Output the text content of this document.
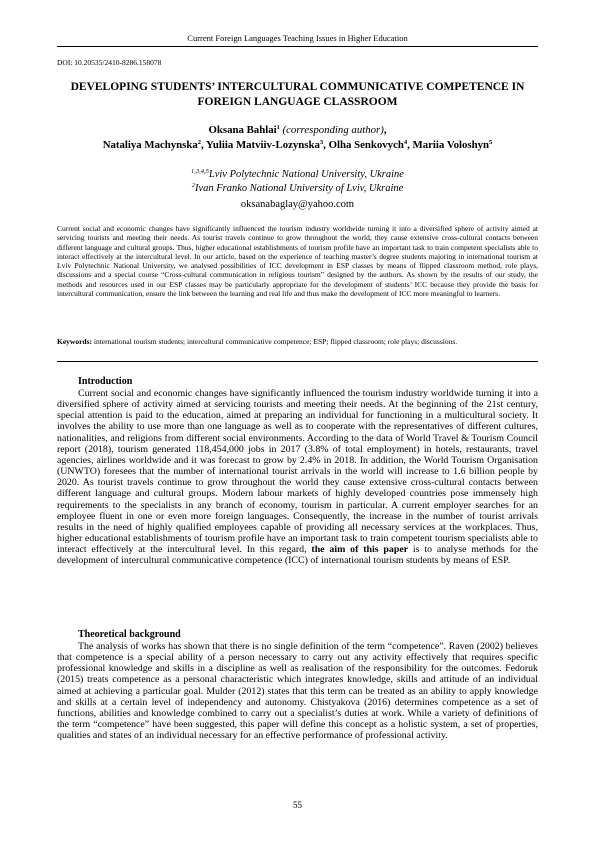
Current Foreign Languages Teaching Issues in Higher Education
DOI: 10.20535/2410-8286.158078
DEVELOPING STUDENTS’ INTERCULTURAL COMMUNICATIVE COMPETENCE IN
FOREIGN LANGUAGE CLASSROOM
Oksana Bahlai$^1$ (corresponding author),
Nataliya Machynska$^2$, Yuliia Matviiv-Lozynska$^3$, Olha Senkovych$^4$, Mariia Voloshyn$^5$
$^{1,3,4,5}$Lviv Polytechnic National University, Ukraine
$^2$Ivan Franko National University of Lviv, Ukraine
oksanabaglay@yahoo.com
Current social and economic changes have significantly influenced the tourism industry worldwide turning it into a diversified sphere of activity aimed at servicing tourists and meeting their needs. As tourist travels continue to grow throughout the world, they cause extensive cross-cultural contacts between different language and cultural groups. Thus, higher educational establishments of tourism profile have an important task to train competent specialists able to interact effectively at the intercultural level. In our article, based on the experience of teaching master’s degree students majoring in international tourism at Lviv Polytechnic National University, we analysed possibilities of ICC development in ESP classes by means of flipped classroom method, role plays, discussions and a special course “Cross-cultural communication in religious tourism” designed by the authors. As shown by the results of our study, the methods and resources used in our ESP classes may be particularly appropriate for the development of students’ ICC because they provide the basis for intercultural communication, ensure the link between the learning and real life and thus make the development of ICC more meaningful to learners.
Keywords: international tourism students; intercultural communicative competence; ESP; flipped classroom; role plays; discussions.
Introduction
Current social and economic changes have significantly influenced the tourism industry worldwide turning it into a diversified sphere of activity aimed at servicing tourists and meeting their needs. At the beginning of the 21st century, special attention is paid to the education, aimed at preparing an individual for functioning in a multicultural society. It involves the ability to use more than one language as well as to cooperate with the representatives of different cultures, nationalities, and religions from different social environments. According to the data of World Travel & Tourism Council report (2018), tourism generated 118,454,000 jobs in 2017 (3.8% of total employment) in hotels, restaurants, travel agencies, airlines worldwide and it was forecast to grow by 2.4% in 2018. In addition, the World Tourism Organisation (UNWTO) foresees that the number of international tourist arrivals in the world will increase to 1.6 billion people by 2020. As tourist travels continue to grow throughout the world they cause extensive cross-cultural contacts between different language and cultural groups. Modern labour markets of highly developed countries pose immensely high requirements to the specialists in any branch of economy, tourism in particular. A current employer searches for an employee fluent in one or even more foreign languages. Consequently, the increase in the number of tourist arrivals results in the need of highly qualified employees capable of providing all necessary services at the workplaces. Thus, higher educational establishments of tourism profile have an important task to train competent tourism specialists able to interact effectively at the intercultural level. In this regard, the aim of this paper is to analyse methods for the development of intercultural communicative competence (ICC) of international tourism students by means of ESP.
Theoretical background
The analysis of works has shown that there is no single definition of the term “competence”. Raven (2002) believes that competence is a special ability of a person necessary to carry out any activity effectively that requires specific professional knowledge and skills in a discipline as well as realisation of the responsibility for the outcomes. Fedoruk (2015) treats competence as a personal characteristic which integrates knowledge, skills and attitude of an individual aimed at achieving a particular goal. Mulder (2012) states that this term can be treated as an ability to apply knowledge and skills at a certain level of independency and autonomy. Chistyakova (2016) determines competence as a set of functions, abilities and knowledge combined to carry out a specialist’s duties at work. While a variety of definitions of the term “competence” have been suggested, this paper will define this concept as a holistic system, a set of properties, qualities and states of an individual necessary for an effective performance of professional activity.
55
